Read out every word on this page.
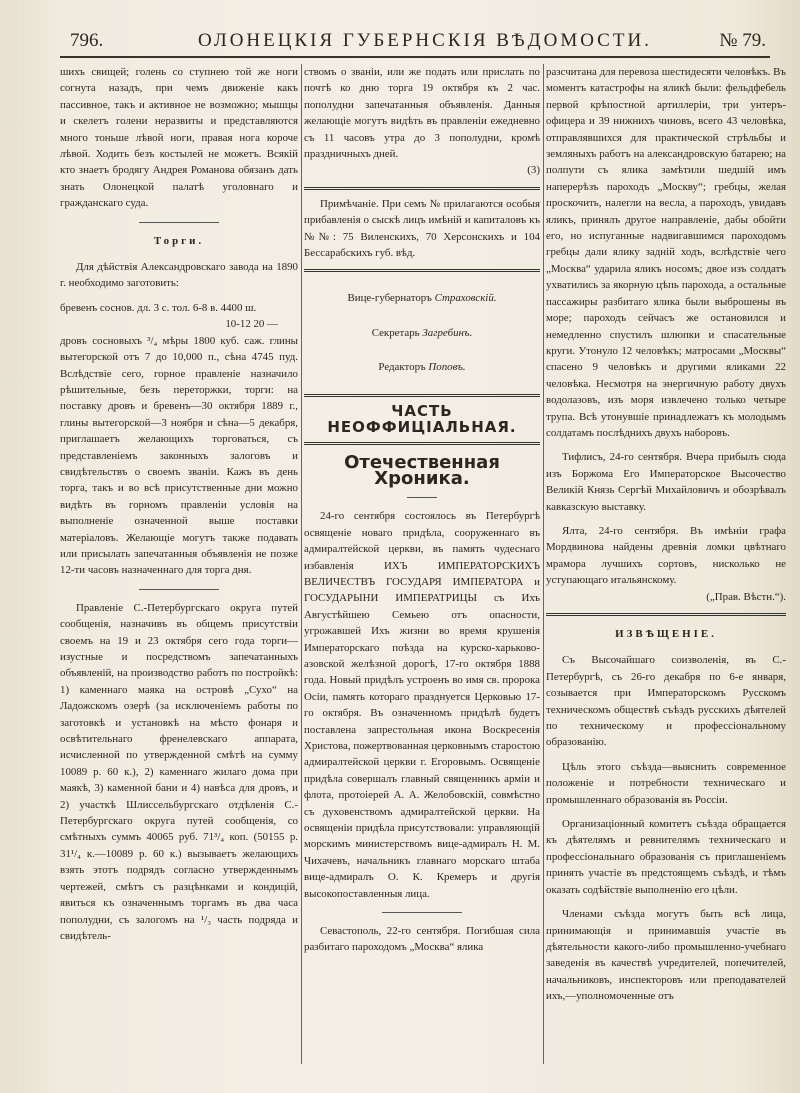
796.	ОЛОНЕЦКІЯ ГУБЕРНСКІЯ ВѢДОМОСТИ.	№ 79.

шихъ свищей; голень со ступнею той же ноги согнута назадъ, при чемъ движеніе какъ пассивное, такъ и активное не возможно; мышцы и скелетъ голени неразвиты и представляются много тоньше лѣвой ноги, правая нога короче лѣвой. Ходить безъ костылей не можетъ. Всякій кто знаетъ бродягу Андрея Романова обязанъ дать знать Олонецкой палатѣ уголовнаго и гражданскаго суда.

Торги.

Для дѣйствія Александровскаго завода на 1890 г. необходимо заготовить:

бревенъ соснов. дл. 3 с. тол. 6-8 в. 4400 ш.

10-12 20 —

дровъ сосновыхъ ³/₄ мѣры 1800 куб. саж. глины вытегорской отъ 7 до 10,000 п., сѣна 4745 пуд. Вслѣдствіе сего, горное правленіе назначило рѣшительные, безъ переторжки, торги: на поставку дровъ и бревенъ—30 октября 1889 г., глины вытегорской—3 ноября и сѣна—5 декабря, приглашаетъ желающихъ торговаться, съ представленіемъ законныхъ залоговъ и свидѣтельствъ о своемъ званіи. Кажъ въ день торга, такъ и во всѣ присутственные дни можно видѣть въ горномъ правленіи условія на выполненіе означенной выше поставки матеріаловъ. Желающіе могутъ также подавать или присылать запечатанныя объявленія не позже 12-ти часовъ назначеннаго для торга дня.

Правленіе С.-Петербургскаго округа путей сообщенія, назначивъ въ общемъ присутствіи своемъ на 19 и 23 октября сего года торги—изустные и посредствомъ запечатанныхъ объявленій, на производство работъ по постройкѣ: 1) каменнаго маяка на островѣ „Сухо“ на Ладожскомъ озерѣ (за исключеніемъ работы по заготовкѣ и установкѣ на мѣсто фонаря и освѣтительнаго френелевскаго аппарата, исчисленной по утвержденной смѣтѣ на сумму 10089 р. 60 к.), 2) каменнаго жилаго дома при маякѣ, 3) каменной бани и 4) навѣса для дровъ, и 2) участкѣ Шлиссельбургскаго отдѣленія С.-Петербургскаго округа путей сообщенія, со смѣтныхъ суммъ 40065 руб. 71³/₄ коп. (50155 р. 31¹/₄ к.—10089 р. 60 к.) вызываетъ желающихъ взять этотъ подрядъ согласно утвержденнымъ чертежей, смѣтъ съ разцѣнками и кондицій, явиться къ означеннымъ торгамъ въ два часа пополудни, съ залогомъ на ¹/₃ часть подряда и свидѣтель-

ствомъ о званіи, или же подать или прислать по почтѣ ко дню торга 19 октября къ 2 час. пополудни запечатанныя объявленія. Данныя желающіе могутъ видѣть въ правленіи ежедневно съ 11 часовъ утра до 3 пополудни, кромѣ праздничныхъ дней.

(3)

Примѣчаніе. При семъ № прилагаются особыя прибавленія о сыскѣ лицъ имѣній и капиталовъ къ №№: 75 Виленскихъ, 70 Херсонскихъ и 104 Бессарабскихъ губ. вѣд.

Вице-губернаторъ Страховскій.

Секретарь Загребинъ.

Редакторъ Поповъ.

ЧАСТЬ НЕОФФИЦІАЛЬНАЯ.

Отечественная Хроника.

24-го сентября состоялось въ Петербургѣ освященіе новаго придѣла, сооруженнаго въ адмиралтейской церкви, въ память чудеснаго избавленія ИХЪ ИМПЕРАТОРСКИХЪ ВЕЛИЧЕСТВЪ ГОСУДАРЯ ИМПЕРАТОРА и ГОСУДАРЫНИ ИМПЕРАТРИЦЫ съ Ихъ Августѣйшею Семьею отъ опасности, угрожавшей Ихъ жизни во время крушенія Императорскаго поѣзда на курско-харьково-азовской желѣзной дорогѣ, 17-го октября 1888 года. Новый придѣлъ устроенъ во имя св. пророка Осіи, память котораго празднуется Церковью 17-го октября. Въ означенномъ придѣлѣ будетъ поставлена запрестольная икона Воскресенія Христова, пожертвованная церковнымъ старостою адмиралтейской церкви г. Егоровымъ. Освященіе придѣла совершалъ главный священникъ арміи и флота, протоіерей А. А. Желобовскій, совмѣстно съ духовенствомъ адмиралтейской церкви. На освященіи придѣла присутствовали: управляющій морскимъ министерствомъ вице-адмиралъ Н. М. Чихачевъ, начальникъ главнаго морскаго штаба вице-адмиралъ О. К. Кремеръ и другія высокопоставленныя лица.

Севастополь, 22-го сентября. Погибшая сила разбитаго пароходомъ „Москва“ ялика

разсчитана для перевоза шестидесяти человѣкъ. Въ моментъ катастрофы на яликѣ были: фельдфебель первой крѣпостной артиллеріи, три унтеръ-офицера и 39 нижнихъ чиновъ, всего 43 человѣка, отправлявшихся для практической стрѣльбы и земляныхъ работъ на александровскую батарею; на полпути съ ялика замѣтили шедшій имъ наперерѣзъ пароходъ „Москву“; гребцы, желая проскочить, налегли на весла, а пароходъ, увидавъ яликъ, принялъ другое направленіе, дабы обойти его, но испуганные надвигавшимся пароходомъ гребцы дали ялику задній ходъ, вслѣдствіе чего „Москва“ ударила яликъ носомъ; двое изъ солдатъ ухватились за якорную цѣпь парохода, а остальные пассажиры разбитаго ялика были выброшены въ море; пароходъ сейчасъ же остановился и немедленно спустилъ шлюпки и спасательные круги. Утонуло 12 человѣкъ; матросами „Москвы“ спасено 9 человѣкъ и другими яликами 22 человѣка. Несмотря на энергичную работу двухъ водолазовъ, изъ моря извлечено только четыре трупа. Всѣ утонувшіе принадлежатъ къ молодымъ солдатамъ послѣднихъ двухъ наборовъ.

Тифлисъ, 24-го сентября. Вчера прибылъ сюда изъ Боржома Его Императорское Высочество Великій Князь Сергѣй Михайловичъ и обозрѣвалъ кавказскую выставку.

Ялта, 24-го сентября. Въ имѣніи графа Мордвинова найдены древнія ломки цвѣтнаго мрамора лучшихъ сортовъ, нисколько не уступающаго итальянскому.

(„Прав. Вѣстн.“).

ИЗВѢЩЕНІЕ.

Съ Высочайшаго соизволенія, въ С.-Петербургѣ, съ 26-го декабря по 6-е января, созывается при Императорскомъ Русскомъ техническомъ обществѣ съѣздъ русскихъ дѣятелей по техническому и профессіональному образованію.

Цѣль этого съѣзда—выяснить современное положеніе и потребности техническаго и промышленнаго образованія въ Россіи.

Организаціонный комитетъ съѣзда обращается къ дѣятелямъ и ревнителямъ техническаго и профессіональнаго образованія съ приглашеніемъ принять участіе въ предстоящемъ съѣздѣ, и тѣмъ оказать содѣйствіе выполненію его цѣли.

Членами съѣзда могутъ быть всѣ лица, принимающія и принимавшія участіе въ дѣятельности какого-либо промышленно-учебнаго заведенія въ качествѣ учредителей, попечителей, начальниковъ, инспекторовъ или преподавателей ихъ,—уполномоченные отъ
